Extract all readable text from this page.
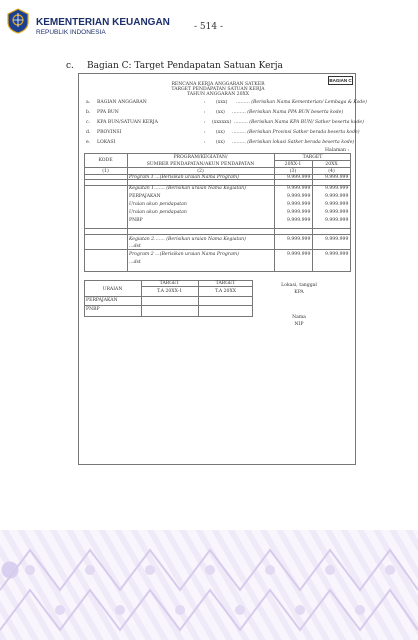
KEMENTERIAN KEUANGAN
REPUBLIK INDONESIA
- 514 -
c. Bagian C: Target Pendapatan Satuan Kerja
BAGIAN C
RENCANA KERJA ANGGARAN SATKER
TARGET PENDAPATAN SATUAN KERJA
TAHUN ANGGARAN 20XX
a. BAGIAN ANGGARAN	: (xxx) ……… (Berisikan Nama Kementerian/ Lembaga & Kode)
b. PPA BUN	: (xx) ……… (Berisikan Nama PPA BUN beserta kode)
c. KPA BUN/SATUAN KERJA	: (xxxxxx) ……… (Berisikan Nama KPA BUN/ Satker beserta kode)
d. PROVINSI	: (xx) ……… (Berisikan Provinsi Satker berada beserta kode)
e. LOKASI	: (xx) ……… (Berisikan lokasi Satker berada beserta kode)
Halaman :
KODE
PROGRAM/KEGIATAN/
SUMBER PENDAPATAN/AKUN PENDAPATAN
TARGET
20XX-1	20XX
(1)	(2)	(3)	(4)
Program 1 …(Berisikan uraian Nama Program)	9.999.999	9.999.999
Kegiatan 1……. (Berisikan uraian Nama Kegiatan)	9.999.999	9.999.999
PERPAJAKAN	9.999.999	9.999.999
Uraian akun pendapatan	9.999.999	9.999.999
Uraian akun pendapatan	9.999.999	9.999.999
PNBP	9.999.999	9.999.999
Kegiatan 2……. (Berisikan uraian Nama Kegiatan)	9.999.999	9.999.999
…dst
Program 2 …(Berisikan uraian Nama Program)	9.999.999	9.999.999
…dst
URAIAN
TARGET	TARGET
T.A 20XX-1	T.A 20XX
PERPAJAKAN
PNBP
Lokasi, tanggal
KPA
Nama
NIP
